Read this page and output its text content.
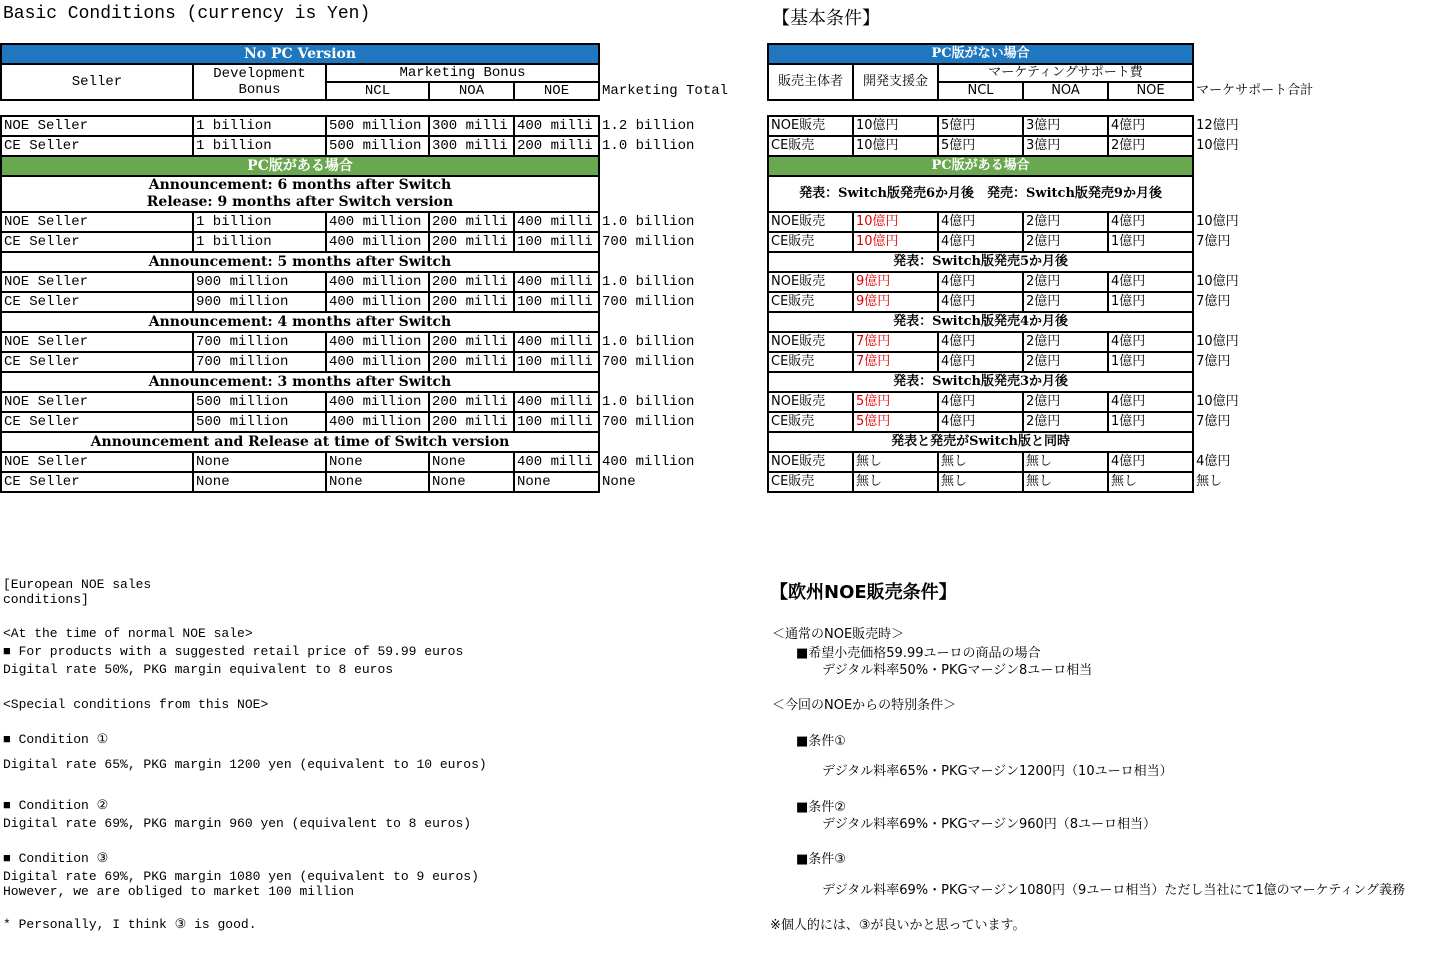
Basic Conditions (currency is Yen)	【基本条件】
No PC Version					
Seller	Development Bonus	Marketing Bonus			
		NCL	NOA	NOE	Marketing Total

NOE Seller	1 billion	500 million	300 milli	400 milli	1.2 billion
CE Seller	1 billion	500 million	300 milli	200 milli	1.0 billion
PC版がある場合					

Announcement: 6 months after Switch
Release: 9 months after Switch version					

NOE Seller	1 billion	400 million	200 milli	400 milli	1.0 billion
CE Seller	1 billion	400 million	200 milli	100 milli	700 million
Announcement: 5 months after Switch					
NOE Seller	900 million	400 million	200 milli	400 milli	1.0 billion
CE Seller	900 million	400 million	200 milli	100 milli	700 million
Announcement: 4 months after Switch					
NOE Seller	700 million	400 million	200 milli	400 milli	1.0 billion
CE Seller	700 million	400 million	200 milli	100 milli	700 million
Announcement: 3 months after Switch					
NOE Seller	500 million	400 million	200 milli	400 milli	1.0 billion
CE Seller	500 million	400 million	200 milli	100 milli	700 million
Announcement and Release at time of Switch version					
NOE Seller	None	None	None	400 milli	400 million
CE Seller	None	None	None	None	None
PC版がない場合					
販売主体者	開発支援金	マーケティングサポート費			
		NCL	NOA	NOE	マーケサポート合計

NOE販売	10億円	5億円	3億円	4億円	12億円
CE販売	10億円	5億円	3億円	2億円	10億円
PC版がある場合					
発表：Switch版発売6か月後　発売：Switch版発売9か月後					
NOE販売	10億円	4億円	2億円	4億円	10億円
CE販売	10億円	4億円	2億円	1億円	7億円
発表：Switch版発売5か月後					
NOE販売	9億円	4億円	2億円	4億円	10億円
CE販売	9億円	4億円	2億円	1億円	7億円
発表：Switch版発売4か月後					
NOE販売	7億円	4億円	2億円	4億円	10億円
CE販売	7億円	4億円	2億円	1億円	7億円
発表：Switch版発売3か月後					
NOE販売	5億円	4億円	2億円	4億円	10億円
CE販売	5億円	4億円	2億円	1億円	7億円
発表と発売がSwitch版と同時					
NOE販売	無し	無し	無し	4億円	4億円
CE販売	無し	無し	無し	無し	無し
[European NOE sales
conditions]
<At the time of normal NOE sale>
■ For products with a suggested retail price of 59.99 euros
Digital rate 50%, PKG margin equivalent to 8 euros
<Special conditions from this NOE>
■ Condition ①
Digital rate 65%, PKG margin 1200 yen (equivalent to 10 euros)
■ Condition ②
Digital rate 69%, PKG margin 960 yen (equivalent to 8 euros)
■ Condition ③
Digital rate 69%, PKG margin 1080 yen (equivalent to 9 euros)
However, we are obliged to market 100 million
* Personally, I think ③ is good.
【欧州NOE販売条件】
＜通常のNOE販売時＞
■希望小売価格59.99ユーロの商品の場合
デジタル料率50%・PKGマージン8ユーロ相当
＜今回のNOEからの特別条件＞
■条件①
デジタル料率65%・PKGマージン1200円（10ユーロ相当）
■条件②
デジタル料率69%・PKGマージン960円（8ユーロ相当）
■条件③
デジタル料率69%・PKGマージン1080円（9ユーロ相当）ただし当社にて1億のマーケティング義務
※個人的には、③が良いかと思っています。
